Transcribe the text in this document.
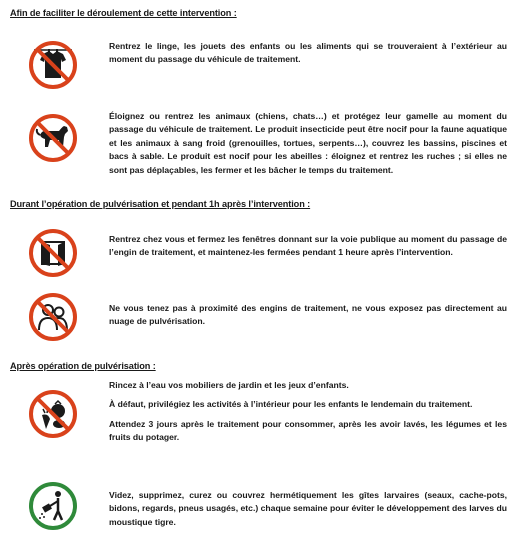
Afin de faciliter le déroulement de cette intervention :

Rentrez le linge, les jouets des enfants ou les aliments qui se trouveraient à l’extérieur au moment du passage du véhicule de traitement.

Éloignez ou rentrez les animaux (chiens, chats…) et protégez leur gamelle au moment du passage du véhicule de traitement. Le produit insecticide peut être nocif pour la faune aquatique et les animaux à sang froid (grenouilles, tortues, serpents…), couvrez les bassins, piscines et bacs à sable. Le produit est nocif pour les abeilles : éloignez et rentrez les ruches ; si elles ne sont pas déplaçables, les fermer et les bâcher le temps du traitement.

Durant l’opération de pulvérisation et pendant 1h après l’intervention :

Rentrez chez vous et fermez les fenêtres donnant sur la voie publique au moment du passage de l’engin de traitement, et maintenez-les fermées pendant 1 heure après l’intervention.

Ne vous tenez pas à proximité des engins de traitement, ne vous exposez pas directement au nuage de pulvérisation.

Après opération de pulvérisation :

Rincez à l’eau vos mobiliers de jardin et les jeux d’enfants.

À défaut, privilégiez les activités à l’intérieur pour les enfants le lendemain du traitement.

Attendez 3 jours après le traitement pour consommer, après les avoir lavés, les légumes et les fruits du potager.

Videz, supprimez, curez ou couvrez hermétiquement les gîtes larvaires (seaux, cache-pots, bidons, regards, pneus usagés, etc.) chaque semaine pour éviter le développement des larves du moustique tigre.
